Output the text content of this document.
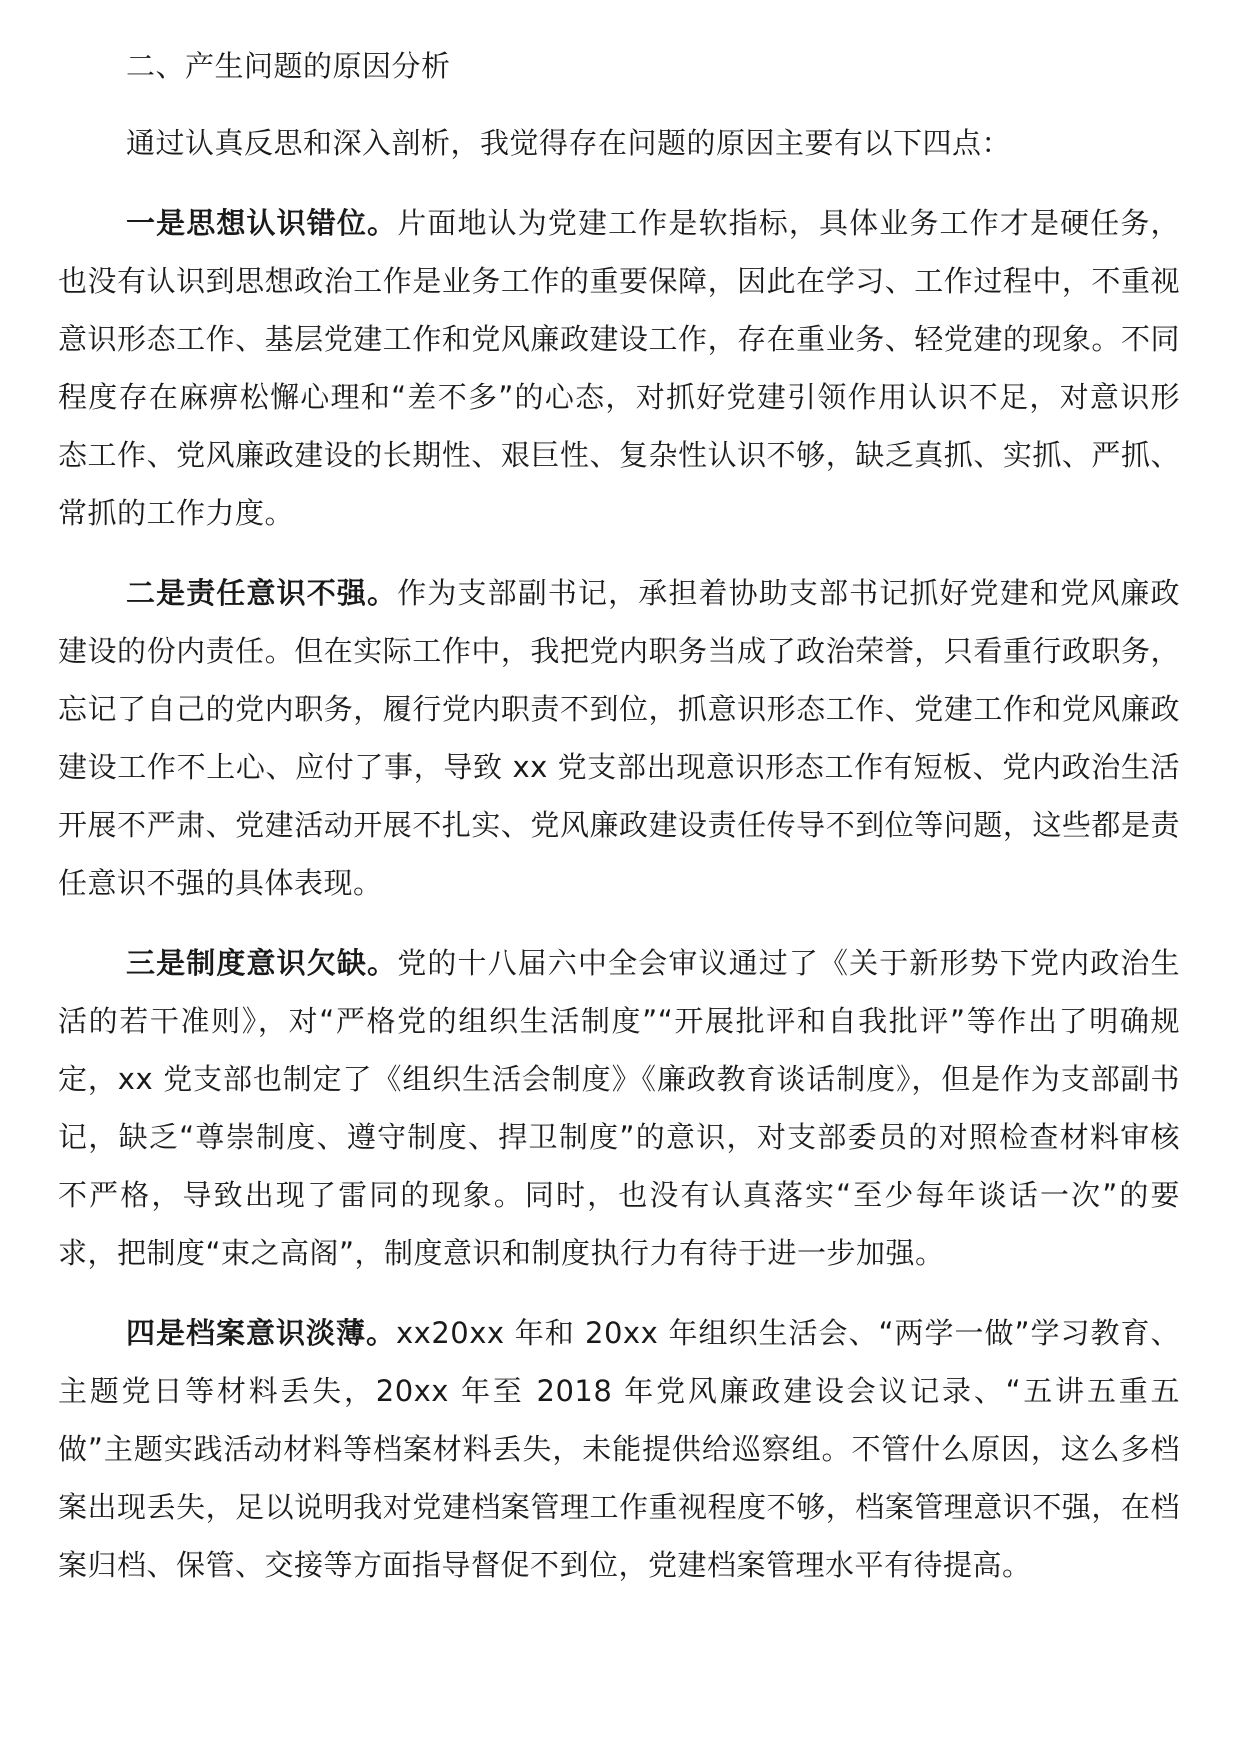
二、产生问题的原因分析

通过认真反思和深入剖析，我觉得存在问题的原因主要有以下四点：

一是思想认识错位。片面地认为党建工作是软指标，具体业务工作才是硬任务，也没有认识到思想政治工作是业务工作的重要保障，因此在学习、工作过程中，不重视意识形态工作、基层党建工作和党风廉政建设工作，存在重业务、轻党建的现象。不同程度存在麻痹松懈心理和“差不多”的心态，对抓好党建引领作用认识不足，对意识形态工作、党风廉政建设的长期性、艰巨性、复杂性认识不够，缺乏真抓、实抓、严抓、常抓的工作力度。

二是责任意识不强。作为支部副书记，承担着协助支部书记抓好党建和党风廉政建设的份内责任。但在实际工作中，我把党内职务当成了政治荣誉，只看重行政职务，忘记了自己的党内职务，履行党内职责不到位，抓意识形态工作、党建工作和党风廉政建设工作不上心、应付了事，导致 xx 党支部出现意识形态工作有短板、党内政治生活开展不严肃、党建活动开展不扎实、党风廉政建设责任传导不到位等问题，这些都是责任意识不强的具体表现。

三是制度意识欠缺。党的十八届六中全会审议通过了《关于新形势下党内政治生活的若干准则》，对“严格党的组织生活制度”“开展批评和自我批评”等作出了明确规定，xx 党支部也制定了《组织生活会制度》《廉政教育谈话制度》，但是作为支部副书记，缺乏“尊崇制度、遵守制度、捍卫制度”的意识，对支部委员的对照检查材料审核不严格，导致出现了雷同的现象。同时，也没有认真落实“至少每年谈话一次”的要求，把制度“束之高阁”，制度意识和制度执行力有待于进一步加强。

四是档案意识淡薄。xx20xx 年和 20xx 年组织生活会、“两学一做”学习教育、主题党日等材料丢失，20xx 年至 2018 年党风廉政建设会议记录、“五讲五重五做”主题实践活动材料等档案材料丢失，未能提供给巡察组。不管什么原因，这么多档案出现丢失，足以说明我对党建档案管理工作重视程度不够，档案管理意识不强，在档案归档、保管、交接等方面指导督促不到位，党建档案管理水平有待提高。
